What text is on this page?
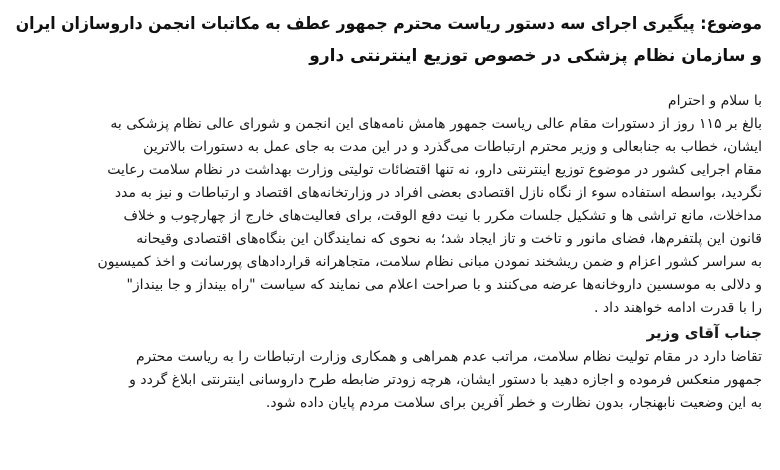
موضوع: پیگیری اجرای سه دستور ریاست محترم جمهور عطف به مکاتبات انجمن داروسازان ایران
و سازمان نظام پزشکی در خصوص توزیع اینترنتی دارو
با سلام و احترام
بالغ بر ۱۱۵ روز از دستورات مقام عالی ریاست جمهور هامش نامه‌های این انجمن و شورای عالی نظام پزشکی به
ایشان، خطاب به جنابعالی و وزیر محترم ارتباطات می‌گذرد و در این مدت به جای عمل به دستورات بالاترین
مقام اجرایی کشور در موضوع توزیع اینترنتی دارو، نه تنها اقتضائات تولیتی وزارت بهداشت در نظام سلامت رعایت
نگردید، بواسطه استفاده سوء از نگاه نازل اقتصادی بعضی افراد در وزارتخانه‌های اقتصاد و ارتباطات و نیز به مدد
مداخلات، مانع تراشی ها و تشکیل جلسات مکرر با نیت دفع الوقت، برای فعالیت‌های خارج از چهارچوب و خلاف
قانون این پلتفرم‌ها، فضای مانور و تاخت و تاز ایجاد شد؛ به نحوی که نمایندگان این بنگاه‌های اقتصادی وقیحانه
به سراسر کشور اعزام و ضمن ریشخند نمودن مبانی نظام سلامت، متجاهرانه قراردادهای پورسانت و اخذ کمیسیون
و دلالی به موسسین داروخانه‌ها عرضه می‌کنند و با صراحت اعلام می نمایند که سیاست "راه بینداز و جا بینداز"
را با قدرت ادامه خواهند داد .
جناب آقای وزیر
تقاضا دارد در مقام تولیت نظام سلامت، مراتب عدم همراهی و همکاری وزارت ارتباطات را به ریاست محترم
جمهور منعکس فرموده و اجازه دهید با دستور ایشان، هرچه زودتر ضابطه طرح داروسانی اینترنتی ابلاغ گردد و
به این وضعیت نابهنجار، بدون نظارت و خطر آفرین برای سلامت مردم پایان داده شود.
